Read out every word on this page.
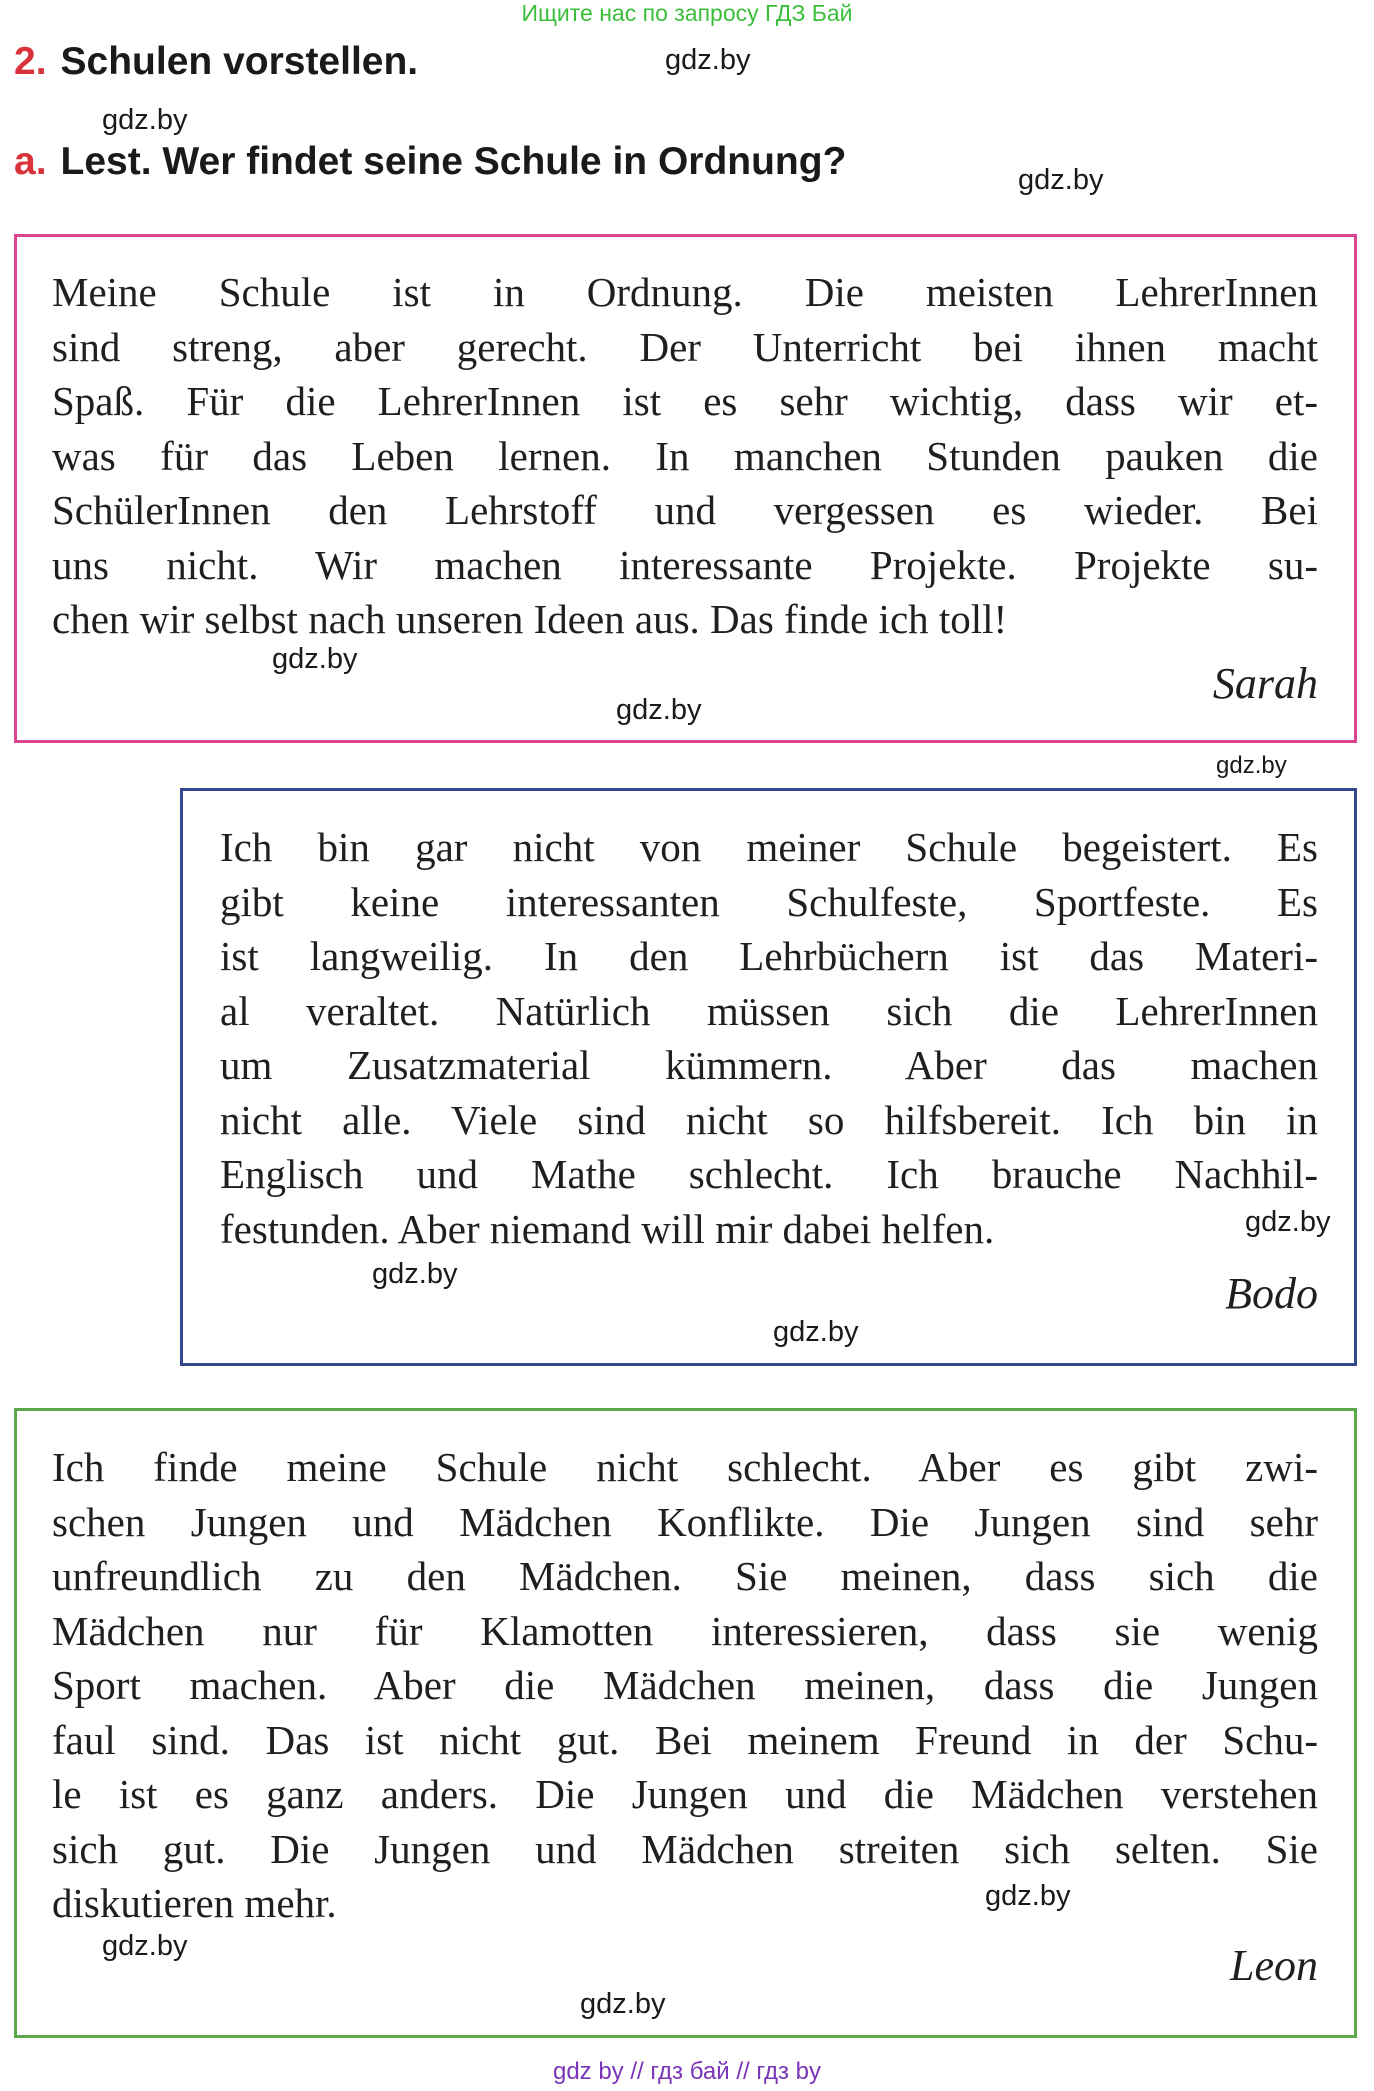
Ищите нас по запросу ГДЗ Бай
2. Schulen vorstellen.
a. Lest. Wer findet seine Schule in Ordnung?
gdz.by
gdz.by
gdz.by
gdz.by
gdz.by
gdz.by
gdz.by
gdz.by
gdz.by
gdz.by
gdz.by
gdz.by
Meine Schule ist in Ordnung. Die meisten LehrerInnen
sind streng, aber gerecht. Der Unterricht bei ihnen macht
Spaß. Für die LehrerInnen ist es sehr wichtig, dass wir et-
was für das Leben lernen. In manchen Stunden pauken die
SchülerInnen den Lehrstoff und vergessen es wieder. Bei
uns nicht. Wir machen interessante Projekte. Projekte su-
chen wir selbst nach unseren Ideen aus. Das finde ich toll!
Sarah
Ich bin gar nicht von meiner Schule begeistert. Es
gibt keine interessanten Schulfeste, Sportfeste. Es
ist langweilig. In den Lehrbüchern ist das Materi-
al veraltet. Natürlich müssen sich die LehrerInnen
um Zusatzmaterial kümmern. Aber das machen
nicht alle. Viele sind nicht so hilfsbereit. Ich bin in
Englisch und Mathe schlecht. Ich brauche Nachhil-
festunden. Aber niemand will mir dabei helfen.
Bodo
Ich finde meine Schule nicht schlecht. Aber es gibt zwi-
schen Jungen und Mädchen Konflikte. Die Jungen sind sehr
unfreundlich zu den Mädchen. Sie meinen, dass sich die
Mädchen nur für Klamotten interessieren, dass sie wenig
Sport machen. Aber die Mädchen meinen, dass die Jungen
faul sind. Das ist nicht gut. Bei meinem Freund in der Schu-
le ist es ganz anders. Die Jungen und die Mädchen verstehen
sich gut. Die Jungen und Mädchen streiten sich selten. Sie
diskutieren mehr.
Leon
gdz by // гдз бай // гдз by
